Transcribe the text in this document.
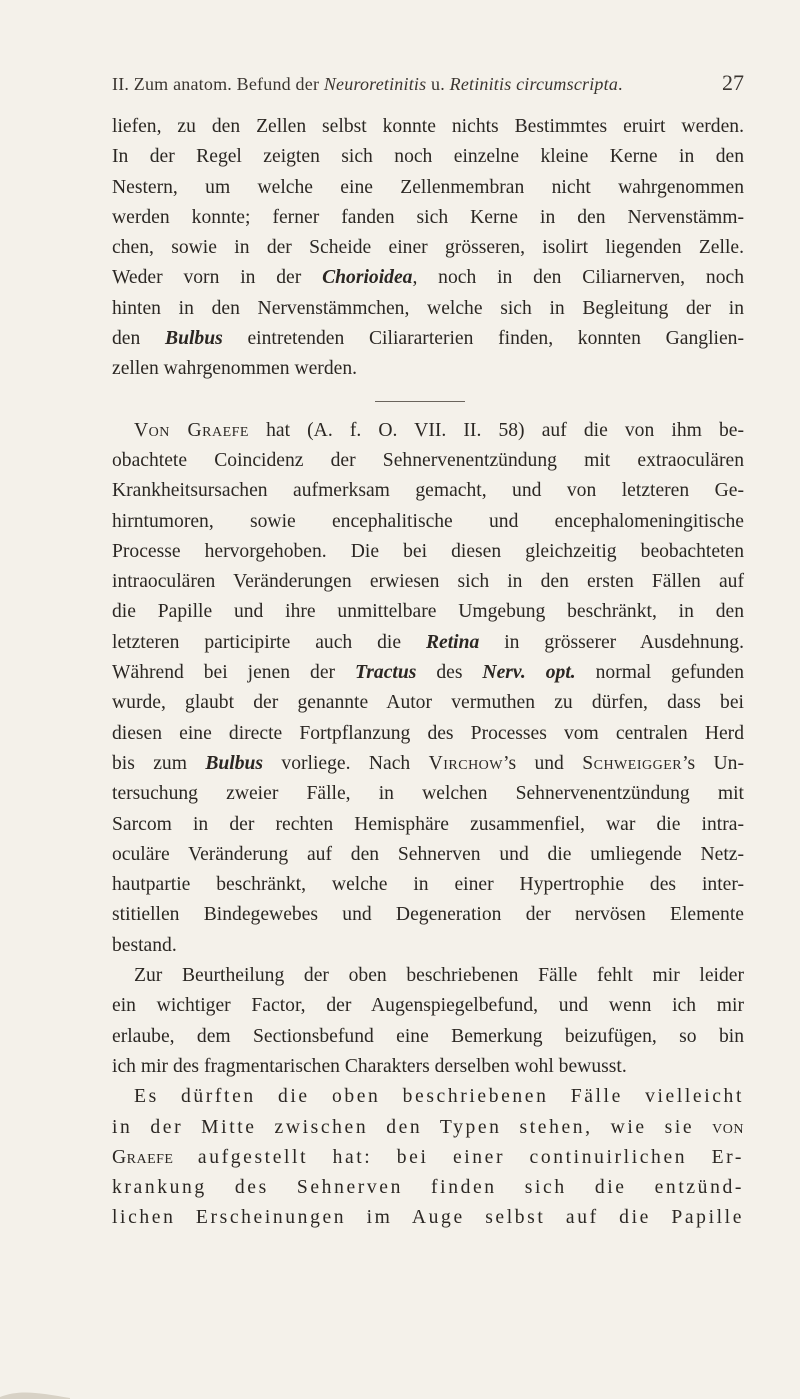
II. Zum anatom. Befund der Neuroretinitis u. Retinitis circumscripta.	27
liefen, zu den Zellen selbst konnte nichts Bestimmtes eruirt werden.
In der Regel zeigten sich noch einzelne kleine Kerne in den
Nestern, um welche eine Zellenmembran nicht wahrgenommen
werden konnte; ferner fanden sich Kerne in den Nervenstämm-
chen, sowie in der Scheide einer grösseren, isolirt liegenden Zelle.
Weder vorn in der Chorioidea, noch in den Ciliarnerven, noch
hinten in den Nervenstämmchen, welche sich in Begleitung der in
den Bulbus eintretenden Ciliararterien finden, konnten Ganglien-
zellen wahrgenommen werden.
Von Graefe hat (A. f. O. VII. II. 58) auf die von ihm be-
obachtete Coincidenz der Sehnervenentzündung mit extraoculären
Krankheitsursachen aufmerksam gemacht, und von letzteren Ge-
hirntumoren, sowie encephalitische und encephalomeningitische
Processe hervorgehoben. Die bei diesen gleichzeitig beobachteten
intraoculären Veränderungen erwiesen sich in den ersten Fällen auf
die Papille und ihre unmittelbare Umgebung beschränkt, in den
letzteren participirte auch die Retina in grösserer Ausdehnung.
Während bei jenen der Tractus des Nerv. opt. normal gefunden
wurde, glaubt der genannte Autor vermuthen zu dürfen, dass bei
diesen eine directe Fortpflanzung des Processes vom centralen Herd
bis zum Bulbus vorliege. Nach Virchow’s und Schweigger’s Un-
tersuchung zweier Fälle, in welchen Sehnervenentzündung mit
Sarcom in der rechten Hemisphäre zusammenfiel, war die intra-
oculäre Veränderung auf den Sehnerven und die umliegende Netz-
hautpartie beschränkt, welche in einer Hypertrophie des inter-
stitiellen Bindegewebes und Degeneration der nervösen Elemente
bestand.
Zur Beurtheilung der oben beschriebenen Fälle fehlt mir leider
ein wichtiger Factor, der Augenspiegelbefund, und wenn ich mir
erlaube, dem Sectionsbefund eine Bemerkung beizufügen, so bin
ich mir des fragmentarischen Charakters derselben wohl bewusst.
Es dürften die oben beschriebenen Fälle vielleicht
in der Mitte zwischen den Typen stehen, wie sie von
Graefe aufgestellt hat: bei einer continuirlichen Er-
krankung des Sehnerven finden sich die entzünd-
lichen Erscheinungen im Auge selbst auf die Papille
